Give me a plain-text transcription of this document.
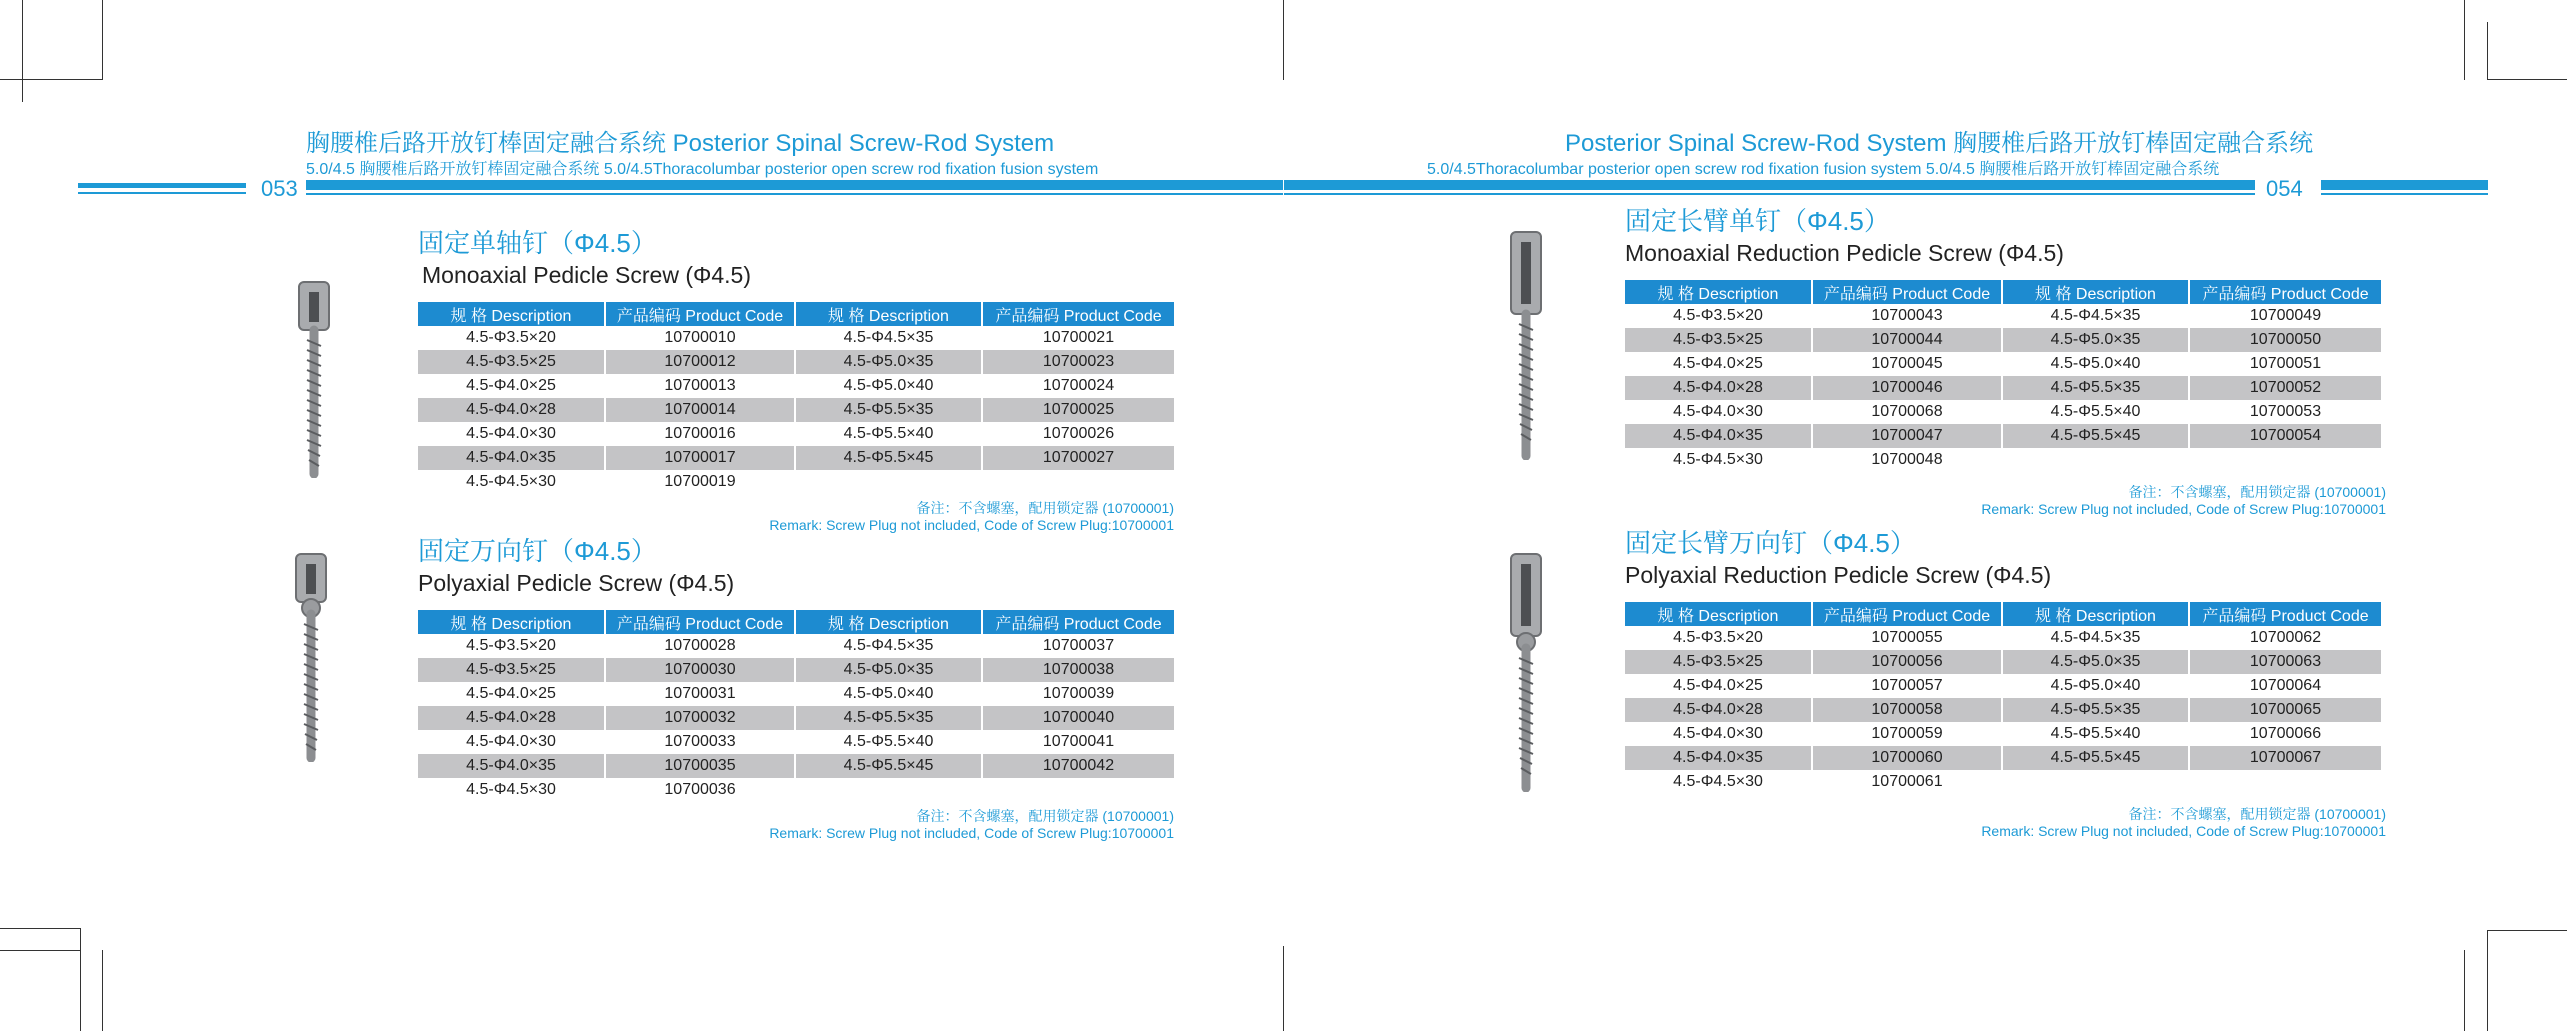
053	054
胸腰椎后路开放钉棒固定融合系统 Posterior Spinal Screw-Rod System
5.0/4.5 胸腰椎后路开放钉棒固定融合系统 5.0/4.5Thoracolumbar posterior open screw rod fixation fusion system
Posterior Spinal Screw-Rod System 胸腰椎后路开放钉棒固定融合系统
5.0/4.5Thoracolumbar posterior open screw rod fixation fusion system 5.0/4.5 胸腰椎后路开放钉棒固定融合系统
固定单轴钉（Φ4.5）
Monoaxial Pedicle Screw (Φ4.5)
规 格 Description	产品编码 Product Code	规 格 Description	产品编码 Product Code
4.5-Φ3.5×20	10700010	4.5-Φ4.5×35	10700021
4.5-Φ3.5×25	10700012	4.5-Φ5.0×35	10700023
4.5-Φ4.0×25	10700013	4.5-Φ5.0×40	10700024
4.5-Φ4.0×28	10700014	4.5-Φ5.5×35	10700025
4.5-Φ4.0×30	10700016	4.5-Φ5.5×40	10700026
4.5-Φ4.0×35	10700017	4.5-Φ5.5×45	10700027
4.5-Φ4.5×30	10700019		
备注：不含螺塞，配用锁定器 (10700001)
Remark: Screw Plug not included, Code of Screw Plug:10700001
固定万向钉（Φ4.5）
Polyaxial Pedicle Screw (Φ4.5)
规 格 Description	产品编码 Product Code	规 格 Description	产品编码 Product Code
4.5-Φ3.5×20	10700028	4.5-Φ4.5×35	10700037
4.5-Φ3.5×25	10700030	4.5-Φ5.0×35	10700038
4.5-Φ4.0×25	10700031	4.5-Φ5.0×40	10700039
4.5-Φ4.0×28	10700032	4.5-Φ5.5×35	10700040
4.5-Φ4.0×30	10700033	4.5-Φ5.5×40	10700041
4.5-Φ4.0×35	10700035	4.5-Φ5.5×45	10700042
4.5-Φ4.5×30	10700036		
备注：不含螺塞，配用锁定器 (10700001)
Remark: Screw Plug not included, Code of Screw Plug:10700001
固定长臂单钉（Φ4.5）
Monoaxial Reduction Pedicle Screw (Φ4.5)
规 格 Description	产品编码 Product Code	规 格 Description	产品编码 Product Code
4.5-Φ3.5×20	10700043	4.5-Φ4.5×35	10700049
4.5-Φ3.5×25	10700044	4.5-Φ5.0×35	10700050
4.5-Φ4.0×25	10700045	4.5-Φ5.0×40	10700051
4.5-Φ4.0×28	10700046	4.5-Φ5.5×35	10700052
4.5-Φ4.0×30	10700068	4.5-Φ5.5×40	10700053
4.5-Φ4.0×35	10700047	4.5-Φ5.5×45	10700054
4.5-Φ4.5×30	10700048		
备注：不含螺塞，配用锁定器 (10700001)
Remark: Screw Plug not included, Code of Screw Plug:10700001
固定长臂万向钉（Φ4.5）
Polyaxial Reduction Pedicle Screw (Φ4.5)
规 格 Description	产品编码 Product Code	规 格 Description	产品编码 Product Code
4.5-Φ3.5×20	10700055	4.5-Φ4.5×35	10700062
4.5-Φ3.5×25	10700056	4.5-Φ5.0×35	10700063
4.5-Φ4.0×25	10700057	4.5-Φ5.0×40	10700064
4.5-Φ4.0×28	10700058	4.5-Φ5.5×35	10700065
4.5-Φ4.0×30	10700059	4.5-Φ5.5×40	10700066
4.5-Φ4.0×35	10700060	4.5-Φ5.5×45	10700067
4.5-Φ4.5×30	10700061		
备注：不含螺塞，配用锁定器 (10700001)
Remark: Screw Plug not included, Code of Screw Plug:10700001
